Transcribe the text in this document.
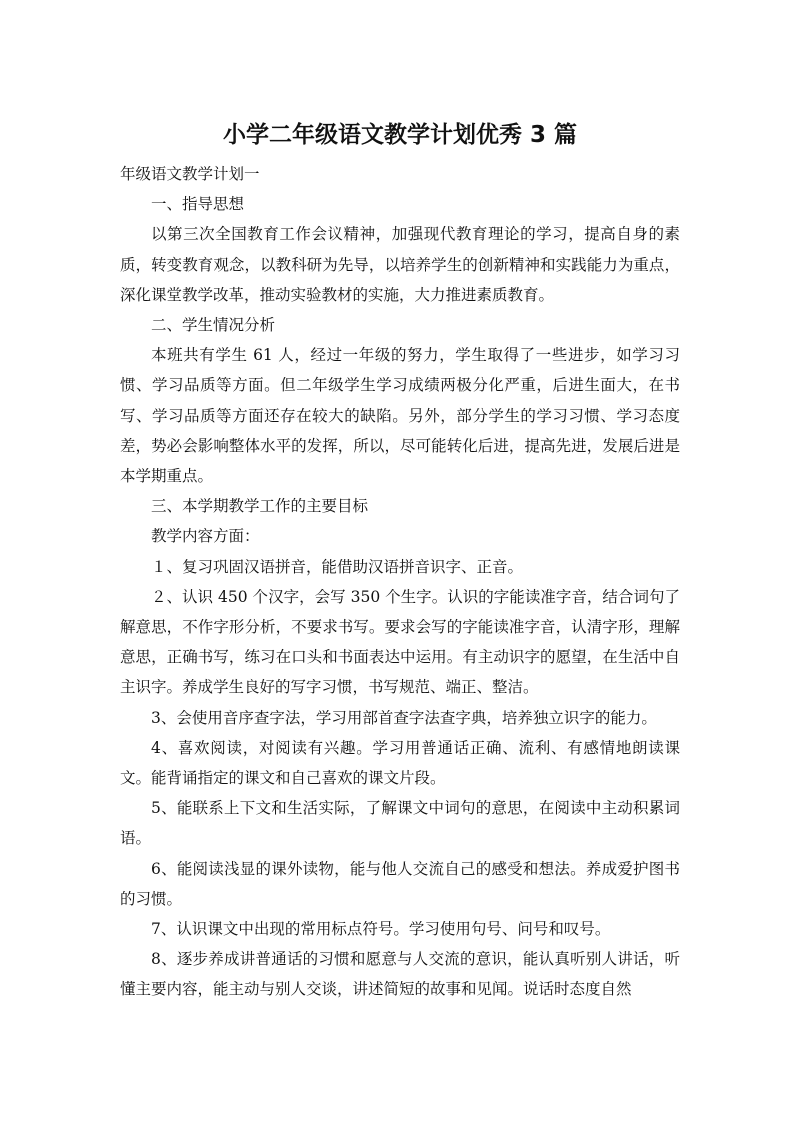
小学二年级语文教学计划优秀 3 篇

年级语文教学计划一

一、指导思想

以第三次全国教育工作会议精神，加强现代教育理论的学习，提高自身的素质，转变教育观念，以教科研为先导，以培养学生的创新精神和实践能力为重点，深化课堂教学改革，推动实验教材的实施，大力推进素质教育。

二、学生情况分析

本班共有学生 61 人，经过一年级的努力，学生取得了一些进步，如学习习惯、学习品质等方面。但二年级学生学习成绩两极分化严重，后进生面大，在书写、学习品质等方面还存在较大的缺陷。另外，部分学生的学习习惯、学习态度差，势必会影响整体水平的发挥，所以，尽可能转化后进，提高先进，发展后进是本学期重点。

三、本学期教学工作的主要目标

教学内容方面：

１、复习巩固汉语拼音，能借助汉语拼音识字、正音。

２、认识 450 个汉字，会写 350 个生字。认识的字能读准字音，结合词句了解意思，不作字形分析，不要求书写。要求会写的字能读准字音，认清字形，理解意思，正确书写，练习在口头和书面表达中运用。有主动识字的愿望，在生活中自主识字。养成学生良好的写字习惯，书写规范、端正、整洁。

3、会使用音序查字法，学习用部首查字法查字典，培养独立识字的能力。

4、喜欢阅读，对阅读有兴趣。学习用普通话正确、流利、有感情地朗读课文。能背诵指定的课文和自己喜欢的课文片段。

5、能联系上下文和生活实际，了解课文中词句的意思，在阅读中主动积累词语。

6、能阅读浅显的课外读物，能与他人交流自己的感受和想法。养成爱护图书的习惯。

7、认识课文中出现的常用标点符号。学习使用句号、问号和叹号。

8、逐步养成讲普通话的习惯和愿意与人交流的意识，能认真听别人讲话，听懂主要内容，能主动与别人交谈，讲述简短的故事和见闻。说话时态度自然
